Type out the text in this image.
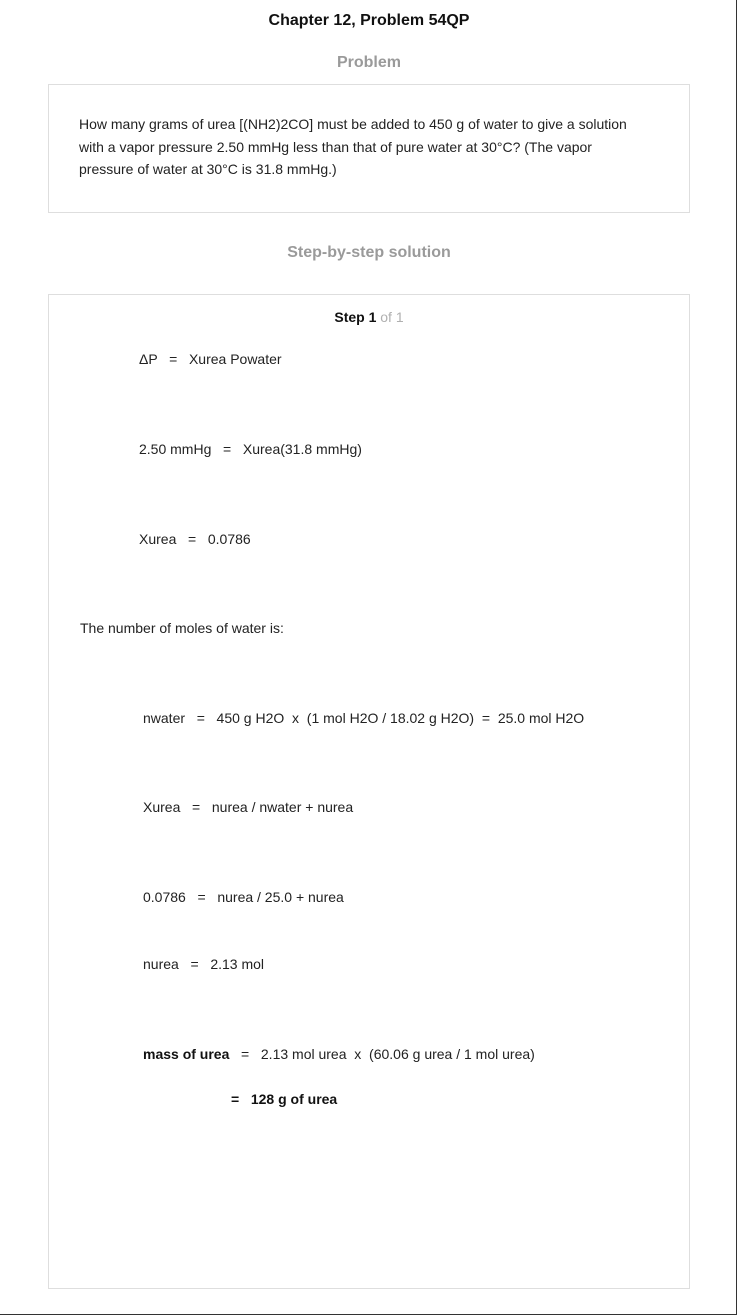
Chapter 12, Problem 54QP
Problem
How many grams of urea [(NH2)2CO] must be added to 450 g of water to give a solution
with a vapor pressure 2.50 mmHg less than that of pure water at 30°C? (The vapor
pressure of water at 30°C is 31.8 mmHg.)
Step-by-step solution
Step 1 of 1
ΔP   =   Xurea Powater
2.50 mmHg   =   Xurea(31.8 mmHg)
Xurea   =   0.0786
The number of moles of water is:
nwater   =   450 g H2O  x  (1 mol H2O / 18.02 g H2O)  =  25.0 mol H2O
Xurea   =   nurea / nwater + nurea
0.0786   =   nurea / 25.0 + nurea
nurea   =   2.13 mol
mass of urea   =   2.13 mol urea  x  (60.06 g urea / 1 mol urea)
=   128 g of urea
